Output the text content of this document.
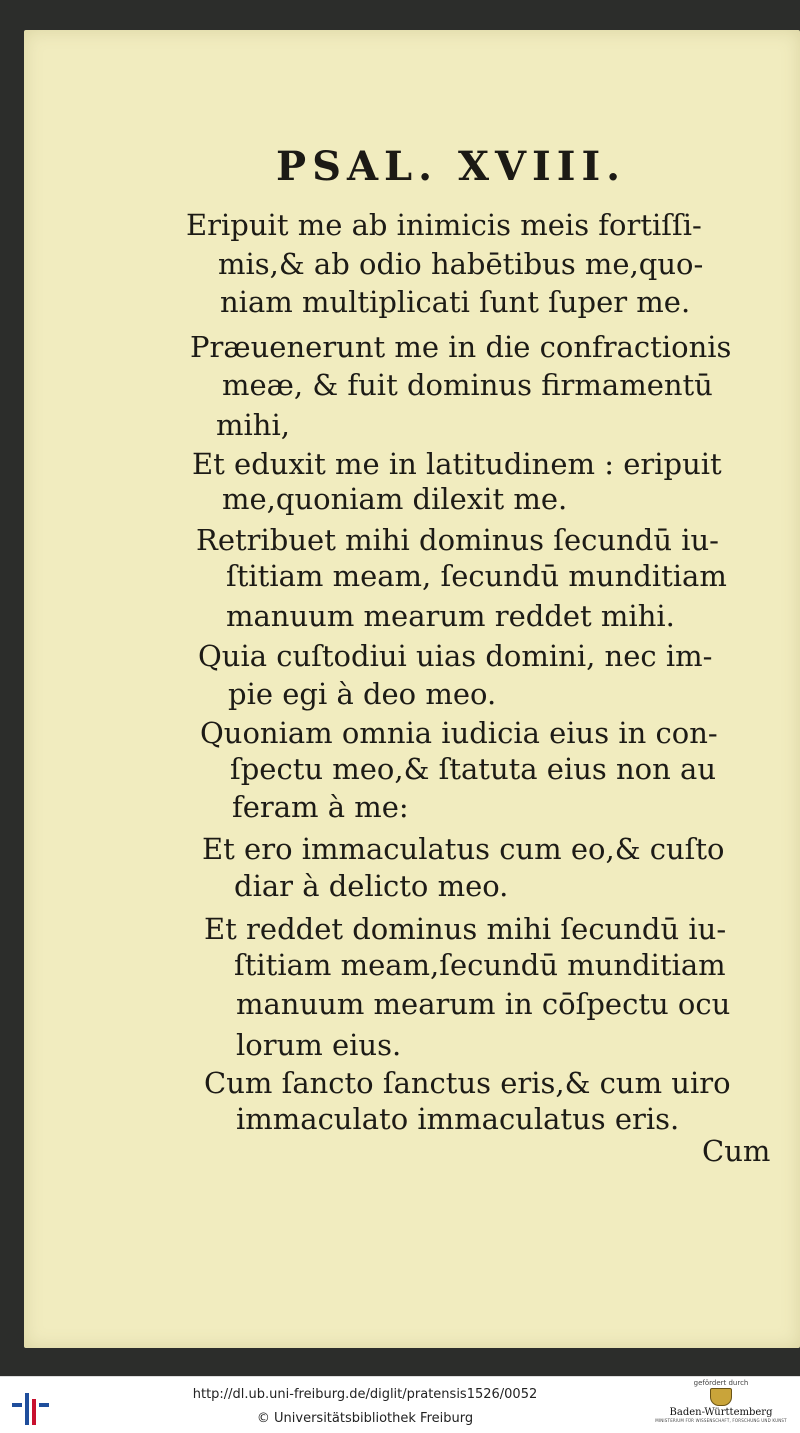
PSAL. XVIII.
Eripuit me ab inimicis meis fortiſſi-
mis,& ab odio habētibus me,quo-
niam multiplicati ſunt ſuper me.
Præuenerunt me in die confractionis
meæ, & fuit dominus firmamentū
mihi,
Et eduxit me in latitudinem : eripuit
me,quoniam dilexit me.
Retribuet mihi dominus ſecundū iu-
ſtitiam meam, ſecundū munditiam
manuum mearum reddet mihi.
Quia cuſtodiui uias domini, nec im-
pie egi à deo meo.
Quoniam omnia iudicia eius in con-
ſpectu meo,& ſtatuta eius non au
feram à me:
Et ero immaculatus cum eo,& cuſto
diar à delicto meo.
Et reddet dominus mihi ſecundū iu-
ſtitiam meam,ſecundū munditiam
manuum mearum in cōſpectu ocu
lorum eius.
Cum ſancto ſanctus eris,& cum uiro
immaculato immaculatus eris.
Cum
http://dl.ub.uni-freiburg.de/diglit/pratensis1526/0052
© Universitätsbibliothek Freiburg
gefördert durch
Baden-Württemberg
MINISTERIUM FÜR WISSENSCHAFT, FORSCHUNG UND KUNST
